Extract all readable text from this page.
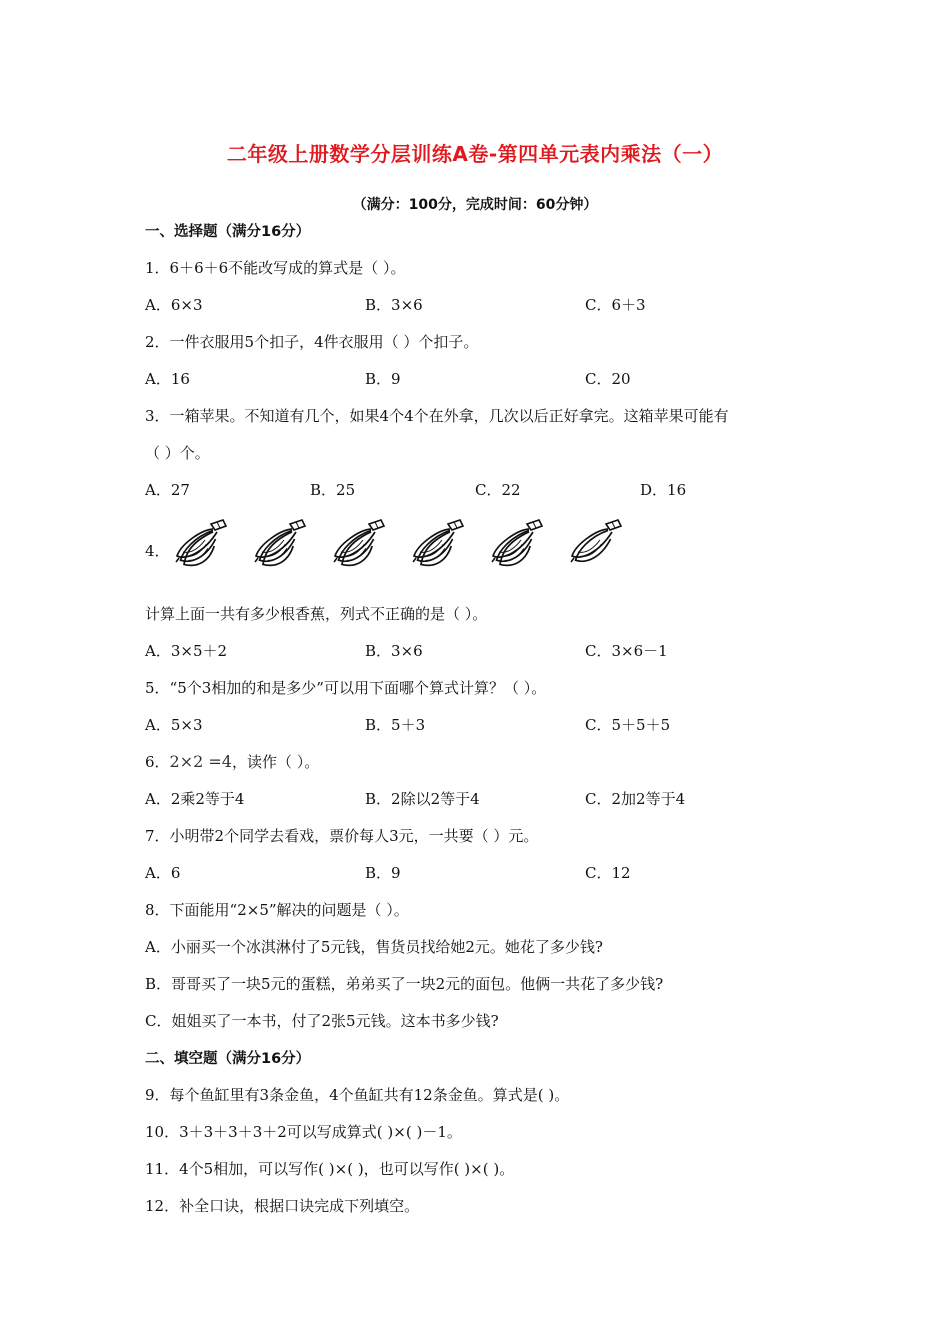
二年级上册数学分层训练A卷-第四单元表内乘法（一）
（满分：100分，完成时间：60分钟）
一、选择题（满分16分）
1．6＋6＋6不能改写成的算式是（ ）。
A．6×3	B．3×6	C．6＋3
2．一件衣服用5个扣子，4件衣服用（ ）个扣子。
A．16	B．9	C．20
3．一箱苹果。不知道有几个，如果4个4个在外拿，几次以后正好拿完。这箱苹果可能有
（ ）个。
A．27	B．25	C．22	D．16
4．
计算上面一共有多少根香蕉，列式不正确的是（ ）。
A．3×5＋2	B．3×6	C．3×6－1
5．“5个3相加的和是多少”可以用下面哪个算式计算？（ ）。
A．5×3	B．5＋3	C．5＋5＋5
6．2×2 =4，读作（ ）。
A．2乘2等于4	B．2除以2等于4	C．2加2等于4
7．小明带2个同学去看戏，票价每人3元，一共要（ ）元。
A．6	B．9	C．12
8．下面能用“2×5”解决的问题是（ ）。
A．小丽买一个冰淇淋付了5元钱，售货员找给她2元。她花了多少钱?
B．哥哥买了一块5元的蛋糕，弟弟买了一块2元的面包。他俩一共花了多少钱?
C．姐姐买了一本书，付了2张5元钱。这本书多少钱?
二、填空题（满分16分）
9．每个鱼缸里有3条金鱼，4个鱼缸共有12条金鱼。算式是( )。
10．3＋3＋3＋3＋2可以写成算式( )×( )－1。
11．4个5相加，可以写作( )×( )，也可以写作( )×( )。
12．补全口诀，根据口诀完成下列填空。
